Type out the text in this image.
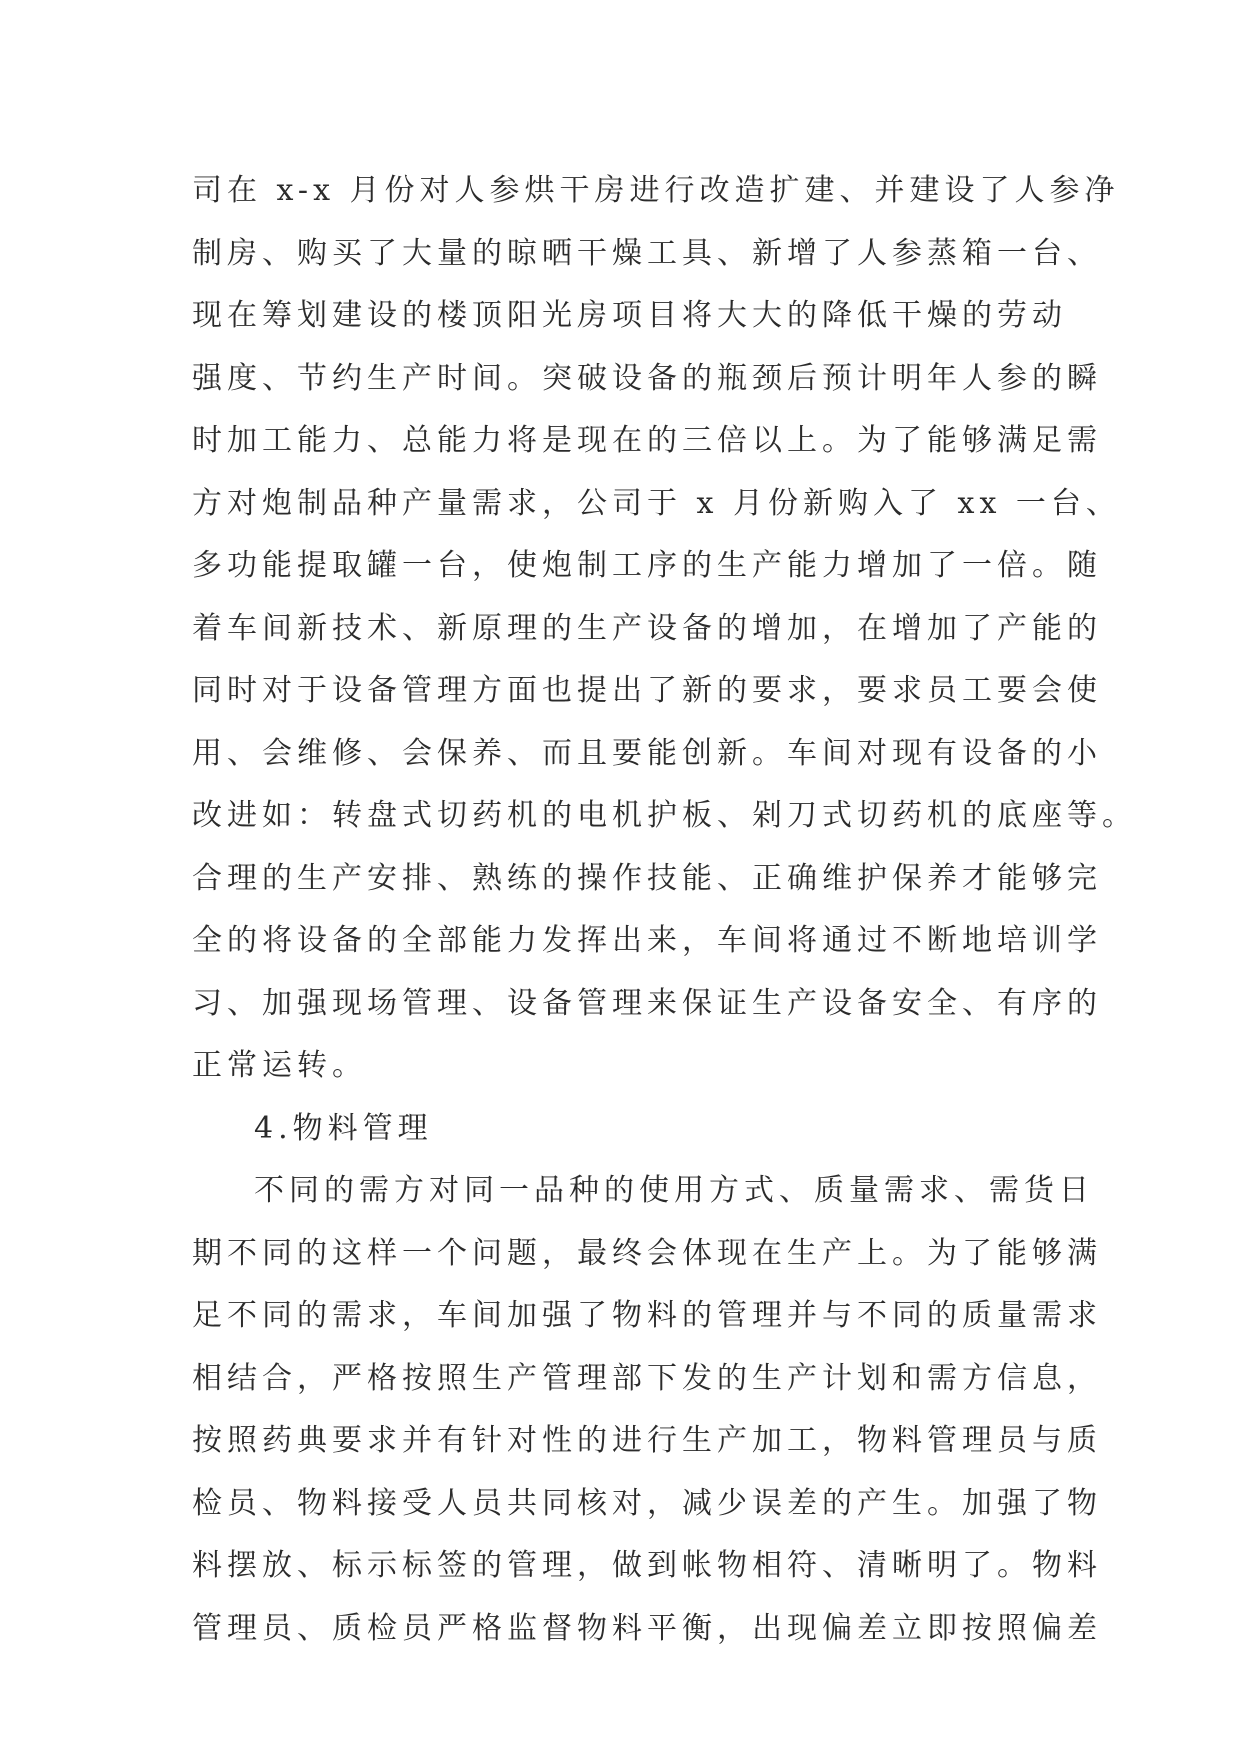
司在 x-x 月份对人参烘干房进行改造扩建、并建设了人参净
制房、购买了大量的晾晒干燥工具、新增了人参蒸箱一台、
现在筹划建设的楼顶阳光房项目将大大的降低干燥的劳动
强度、节约生产时间。突破设备的瓶颈后预计明年人参的瞬
时加工能力、总能力将是现在的三倍以上。为了能够满足需
方对炮制品种产量需求，公司于 x 月份新购入了 xx 一台、
多功能提取罐一台，使炮制工序的生产能力增加了一倍。随
着车间新技术、新原理的生产设备的增加，在增加了产能的
同时对于设备管理方面也提出了新的要求，要求员工要会使
用、会维修、会保养、而且要能创新。车间对现有设备的小
改进如：转盘式切药机的电机护板、剁刀式切药机的底座等。
合理的生产安排、熟练的操作技能、正确维护保养才能够完
全的将设备的全部能力发挥出来，车间将通过不断地培训学
习、加强现场管理、设备管理来保证生产设备安全、有序的
正常运转。
4.物料管理
不同的需方对同一品种的使用方式、质量需求、需货日
期不同的这样一个问题，最终会体现在生产上。为了能够满
足不同的需求，车间加强了物料的管理并与不同的质量需求
相结合，严格按照生产管理部下发的生产计划和需方信息，
按照药典要求并有针对性的进行生产加工，物料管理员与质
检员、物料接受人员共同核对，减少误差的产生。加强了物
料摆放、标示标签的管理，做到帐物相符、清晰明了。物料
管理员、质检员严格监督物料平衡，出现偏差立即按照偏差
